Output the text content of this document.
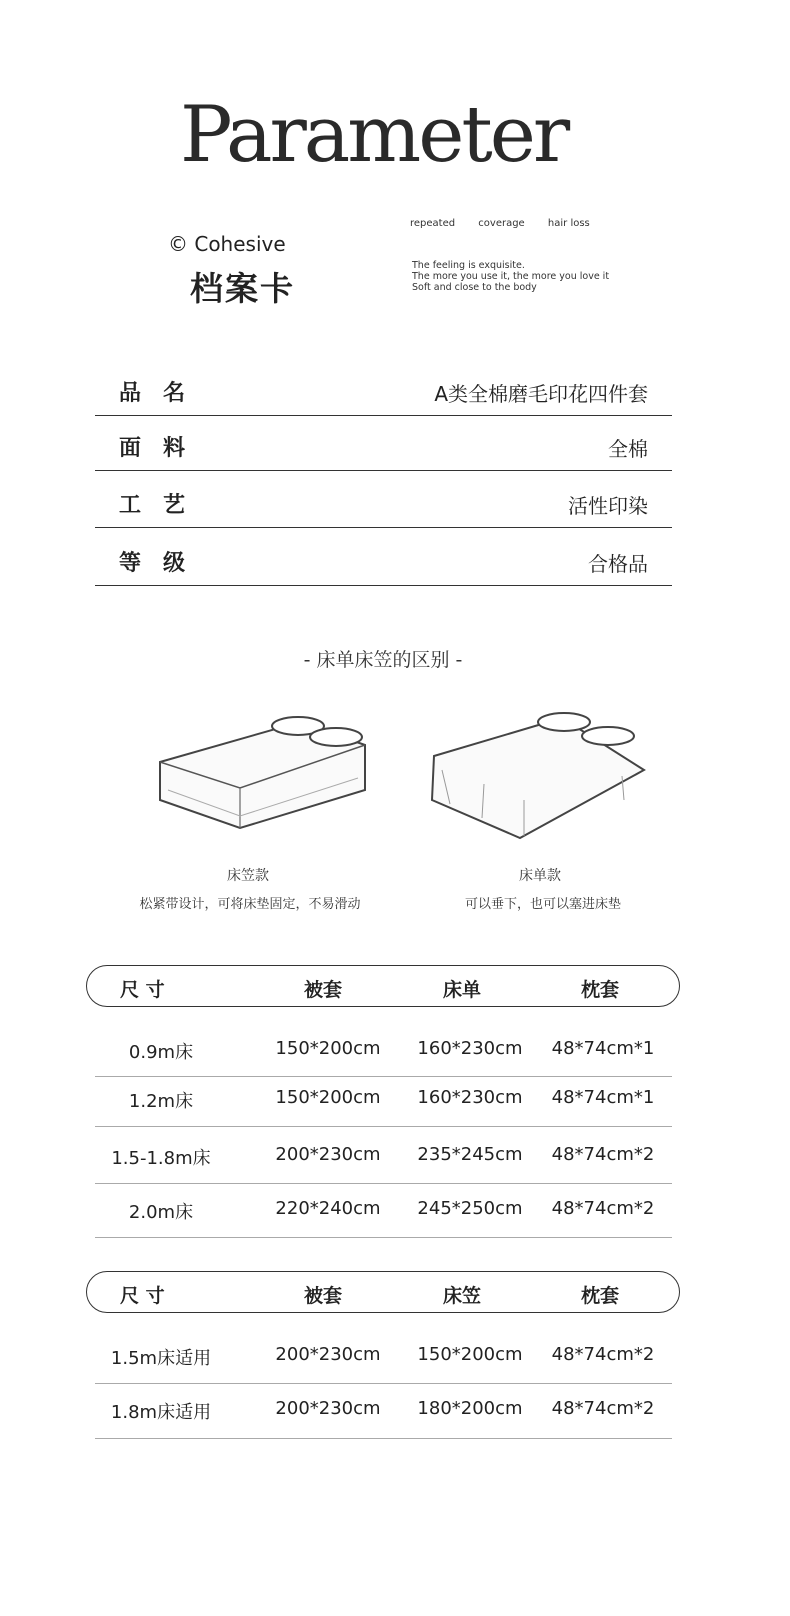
Parameter
© Cohesive
档案卡
repeated coverage hair loss
The feeling is exquisite.
The more you use it, the more you love it
Soft and close to the body
品名	A类全棉磨毛印花四件套
面料	全棉
工艺	活性印染
等级	合格品
- 床单床笠的区别 -
床笠款
松紧带设计，可将床垫固定，不易滑动
床单款
可以垂下，也可以塞进床垫
尺 寸	被套	床单	枕套
0.9m床	150*200cm	160*230cm	48*74cm*1
1.2m床	150*200cm	160*230cm	48*74cm*1
1.5-1.8m床	200*230cm	235*245cm	48*74cm*2
2.0m床	220*240cm	245*250cm	48*74cm*2
尺 寸	被套	床笠	枕套
1.5m床适用	200*230cm	150*200cm	48*74cm*2
1.8m床适用	200*230cm	180*200cm	48*74cm*2
